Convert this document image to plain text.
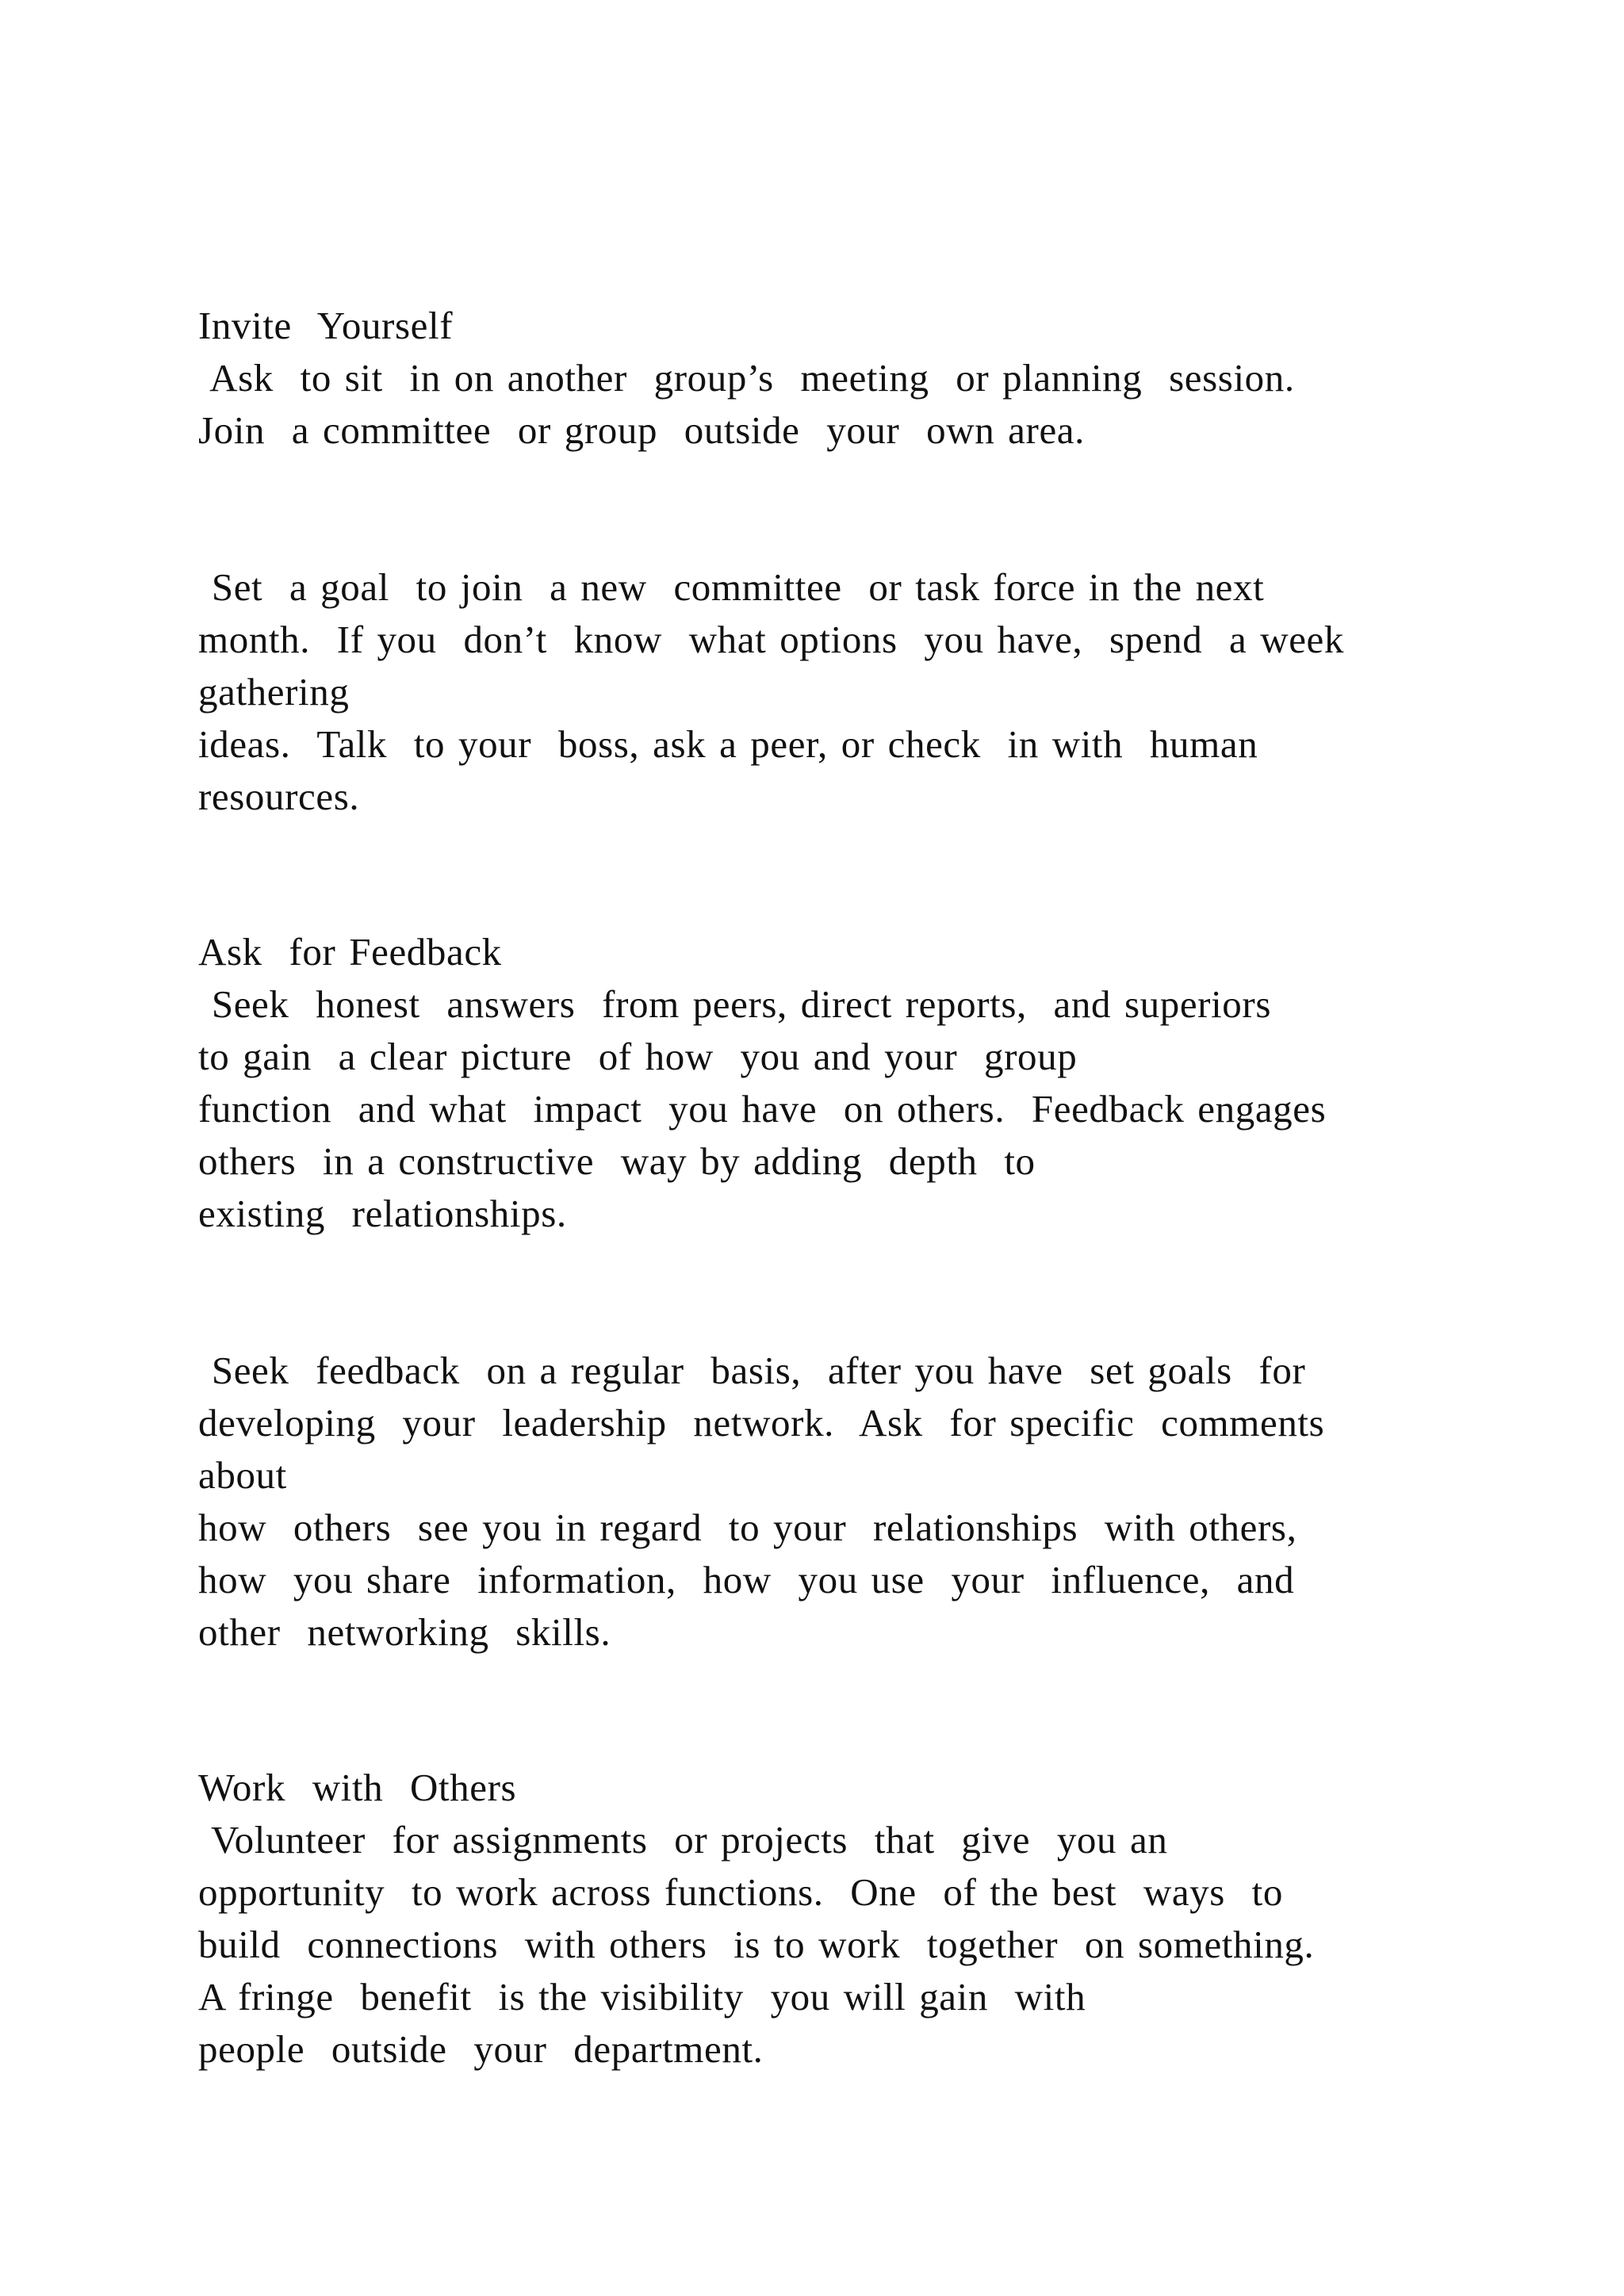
Invite  Yourself
Ask  to sit  in on another  group’s  meeting  or planning  session.
Join  a committee  or group  outside  your  own area.
Set  a goal  to join  a new  committee  or task force in the next
month.  If you  don’t  know  what options  you have,  spend  a week
gathering
ideas.  Talk  to your  boss, ask a peer, or check  in with  human
resources.
Ask  for Feedback
Seek  honest  answers  from peers, direct reports,  and superiors
to gain  a clear picture  of how  you and your  group
function  and what  impact  you have  on others.  Feedback engages
others  in a constructive  way by adding  depth  to
existing  relationships.
Seek  feedback  on a regular  basis,  after you have  set goals  for
developing  your  leadership  network.  Ask  for specific  comments
about
how  others  see you in regard  to your  relationships  with others,
how  you share  information,  how  you use  your  influence,  and
other  networking  skills.
Work  with  Others
Volunteer  for assignments  or projects  that  give  you an
opportunity  to work across functions.  One  of the best  ways  to
build  connections  with others  is to work  together  on something.
A fringe  benefit  is the visibility  you will gain  with
people  outside  your  department.
